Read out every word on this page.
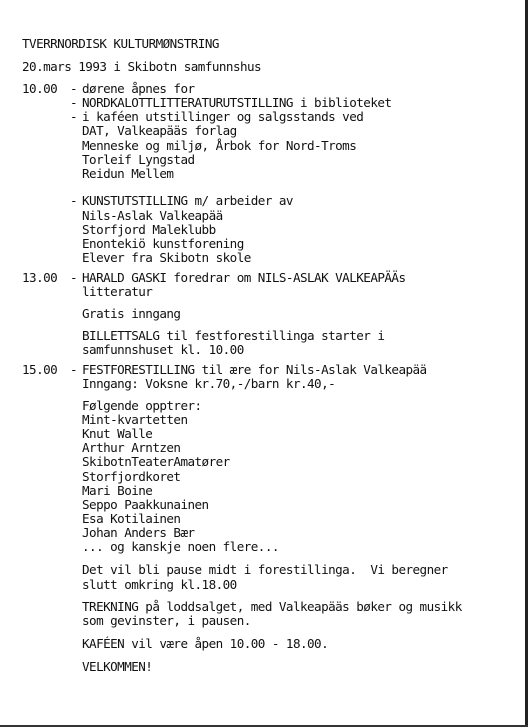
TVERRNORDISK KULTURMØNSTRING
20.mars 1993 i Skibotn samfunnshus
10.00 - dørene åpnes for
- NORDKALOTTLITTERATURUTSTILLING i biblioteket
- i kaféen utstillinger og salgsstands ved
DAT, Valkeapääs forlag
Menneske og miljø, Årbok for Nord-Troms
Torleif Lyngstad
Reidun Mellem
- KUNSTUTSTILLING m/ arbeider av
Nils-Aslak Valkeapää
Storfjord Maleklubb
Enontekiö kunstforening
Elever fra Skibotn skole
13.00 - HARALD GASKI foredrar om NILS-ASLAK VALKEAPÄÄs
litteratur
Gratis inngang
BILLETTSALG til festforestillinga starter i
samfunnshuset kl. 10.00
15.00 - FESTFORESTILLING til ære for Nils-Aslak Valkeapää
Inngang: Voksne kr.70,-/barn kr.40,-
Følgende opptrer:
Mint-kvartetten
Knut Walle
Arthur Arntzen
SkibotnTeaterAmatører
Storfjordkoret
Mari Boine
Seppo Paakkunainen
Esa Kotilainen
Johan Anders Bær
... og kanskje noen flere...
Det vil bli pause midt i forestillinga.  Vi beregner
slutt omkring kl.18.00
TREKNING på loddsalget, med Valkeapääs bøker og musikk
som gevinster, i pausen.
KAFÉEN vil være åpen 10.00 - 18.00.
VELKOMMEN!
